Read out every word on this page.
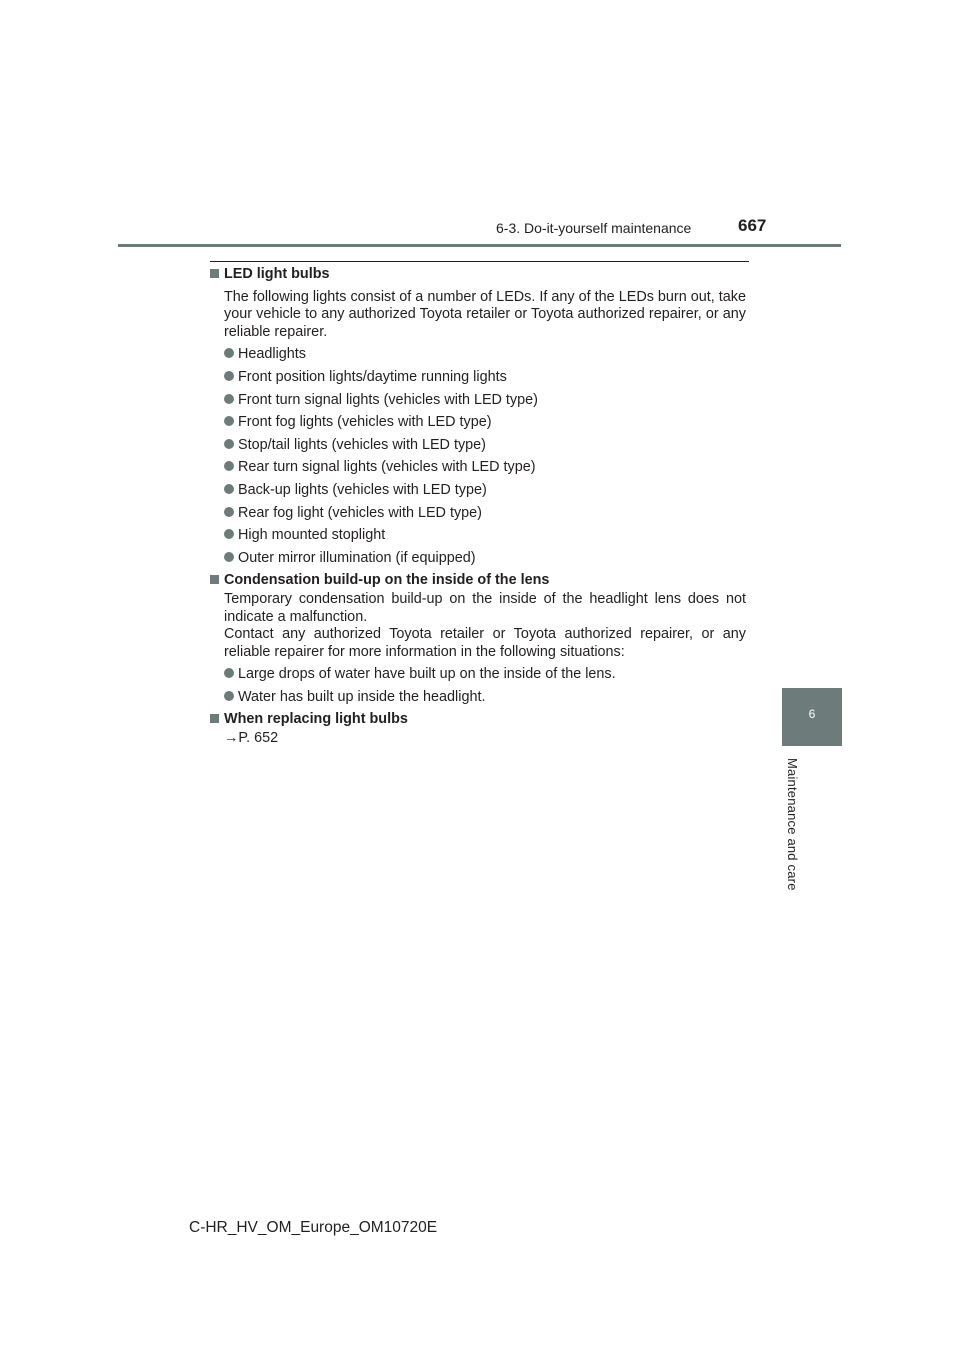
6-3. Do-it-yourself maintenance	667
6
Maintenance and care

LED light bulbs

The following lights consist of a number of LEDs. If any of the LEDs burn out, take your vehicle to any authorized Toyota retailer or Toyota authorized repairer, or any reliable repairer.

Headlights

Front position lights/daytime running lights

Front turn signal lights (vehicles with LED type)

Front fog lights (vehicles with LED type)

Stop/tail lights (vehicles with LED type)

Rear turn signal lights (vehicles with LED type)

Back-up lights (vehicles with LED type)

Rear fog light (vehicles with LED type)

High mounted stoplight

Outer mirror illumination (if equipped)

Condensation build-up on the inside of the lens

Temporary condensation build-up on the inside of the headlight lens does not indicate a malfunction.

Contact any authorized Toyota retailer or Toyota authorized repairer, or any reliable repairer for more information in the following situations:

Large drops of water have built up on the inside of the lens.

Water has built up inside the headlight.

When replacing light bulbs

→P. 652

C-HR_HV_OM_Europe_OM10720E
